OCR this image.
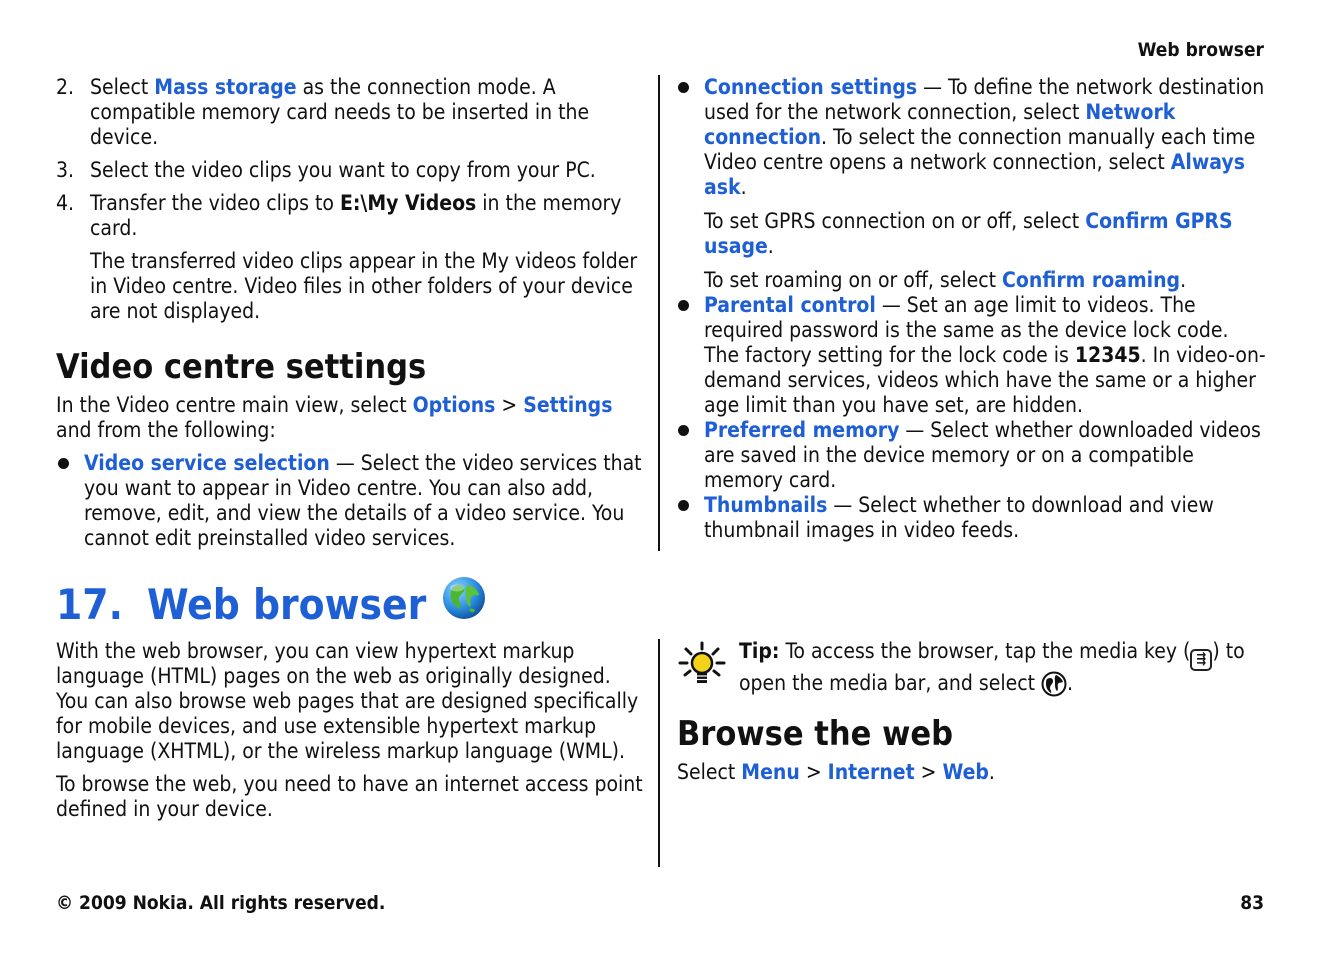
Web browser
2. Select Mass storage as the connection mode. A compatible memory card needs to be inserted in the device.
3. Select the video clips you want to copy from your PC.
4. Transfer the video clips to E:\My Videos in the memory card.

The transferred video clips appear in the My videos folder in Video centre. Video files in other folders of your device are not displayed.

Video centre settings

In the Video centre main view, select Options > Settings and from the following:

Video service selection — Select the video services that you want to appear in Video centre. You can also add, remove, edit, and view the details of a video service. You cannot edit preinstalled video services.
Connection settings — To define the network destination used for the network connection, select Network connection. To select the connection manually each time Video centre opens a network connection, select Always ask.

To set GPRS connection on or off, select Confirm GPRS usage.

To set roaming on or off, select Confirm roaming.

Parental control — Set an age limit to videos. The required password is the same as the device lock code. The factory setting for the lock code is 12345. In video-on-demand services, videos which have the same or a higher age limit than you have set, are hidden.
Preferred memory — Select whether downloaded videos are saved in the device memory or on a compatible memory card.
Thumbnails — Select whether to download and view thumbnail images in video feeds.
17. Web browser

With the web browser, you can view hypertext markup language (HTML) pages on the web as originally designed. You can also browse web pages that are designed specifically for mobile devices, and use extensible hypertext markup language (XHTML), or the wireless markup language (WML).

To browse the web, you need to have an internet access point defined in your device.

Tip: To access the browser, tap the media key ( ⇶ ) to open the media bar, and select .

Browse the web

Select Menu > Internet > Web.

© 2009 Nokia. All rights reserved.	83
